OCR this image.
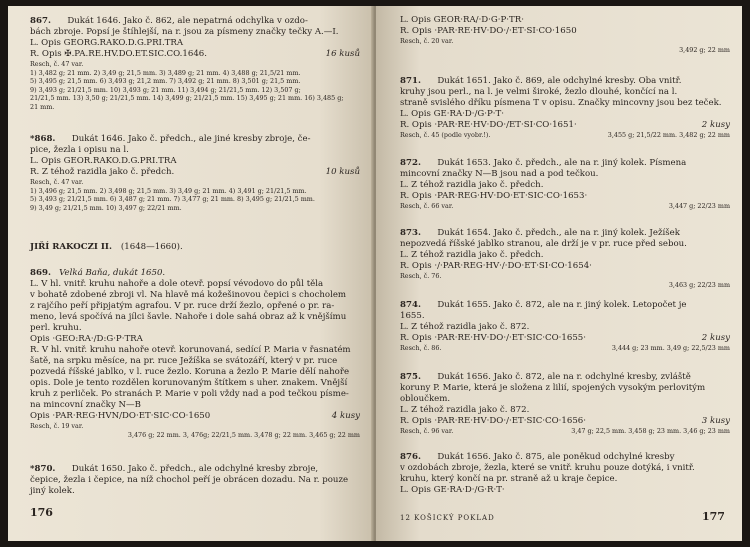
867. Dukát 1646. Jako č. 862, ale nepatrná odchylka v ozdo-
bách zbroje. Popsí je štíhlejší, na r. jsou za písmeny značky tečky A.—I.
L. Opis GEORG.RAKO.D.G.PRI.TRA
R. Opis ✠.PA.RE.HV.DO.ET.SIC.CO.1646.	16 kusů
Resch, č. 47 var.
1) 3,482 g; 21 mm. 2) 3,49 g; 21,5 mm. 3) 3,489 g; 21 mm. 4) 3,488 g; 21,5/21 mm.
5) 3,495 g; 21,5 mm. 6) 3,493 g; 21,2 mm. 7) 3,492 g; 21 mm. 8) 3,501 g; 21,5 mm.
9) 3,493 g; 21/21,5 mm. 10) 3,493 g; 21 mm. 11) 3,494 g; 21/21,5 mm. 12) 3,507 g;
21/21,5 mm. 13) 3,50 g; 21/21,5 mm. 14) 3,499 g; 21/21,5 mm. 15) 3,495 g; 21 mm. 16) 3,485 g;
21 mm.
*868. Dukát 1646. Jako č. předch., ale jiné kresby zbroje, če-
pice, žezla i opisu na l.
L. Opis GEOR.RAKO.D.G.PRI.TRA
R. Z téhož razidla jako č. předch.	10 kusů
Resch, č. 47 var.
1) 3,496 g; 21,5 mm. 2) 3,498 g; 21,5 mm. 3) 3,49 g; 21 mm. 4) 3,491 g; 21/21,5 mm.
5) 3,493 g; 21/21,5 mm. 6) 3,487 g; 21 mm. 7) 3,477 g; 21 mm. 8) 3,495 g; 21/21,5 mm.
9) 3,49 g; 21/21,5 mm. 10) 3,497 g; 22/21 mm.
JIŘÍ RAKOCZI II. (1648—1660).
869. Velká Baňa, dukát 1650.
L. V hl. vnitř. kruhu nahoře a dole otevř. popsí vévodovo do půl těla
v bohatě zdobené zbroji vl. Na hlavě má kožešinovou čepici s chocholem
z rajčího peří připjatým agrafou. V pr. ruce drží žezlo, opřené o pr. ra-
meno, levá spočívá na jílci šavle. Nahoře i dole sahá obraz až k vnějšímu
perl. kruhu.
Opis ·GEO:RA·/D:G·P·TRA
R. V hl. vnitř. kruhu nahoře otevř. korunovaná, sedící P. Maria v řasnatém
šatě, na srpku měsíce, na pr. ruce Ježíška se svátozáří, který v pr. ruce
pozvedá říšské jablko, v l. ruce žezlo. Koruna a žezlo P. Marie dělí nahoře
opis. Dole je tento rozdělen korunovaným štítkem s uher. znakem. Vnější
kruh z perliček. Po stranách P. Marie v poli vždy nad a pod tečkou písme-
na mincovní značky N—B
Opis ·PAR·REG·HVN/DO·ET·SIC·CO·1650	4 kusy
Resch, č. 19 var.
3,476 g; 22 mm. 3, 476g; 22/21,5 mm. 3,478 g; 22 mm. 3,465 g; 22 mm
*870. Dukát 1650. Jako č. předch., ale odchylné kresby zbroje,
čepice, žezla i čepice, na níž chochol peří je obrácen dozadu. Na r. pouze
jiný kolek.
176
L. Opis GEOR·RA/·D·G·P·TR·
R. Opis ·PAR·RE·HV·DO·/·ET·SI·CO·1650
Resch, č. 20 var.
3,492 g; 22 mm
871. Dukát 1651. Jako č. 869, ale odchylné kresby. Oba vnitř.
kruhy jsou perl., na l. je velmi široké, žezlo dlouhé, končící na l.
straně svislého dříku písmena T v opisu. Značky mincovny jsou bez teček.
L. Opis GE·RA·D·/G·P·T·
R. Opis ·PAR·RE·HV·DO·/ET·SI·CO·1651·	2 kusy
Resch, č. 45 (podle vyobr.!).	3,455 g; 21,5/22 mm. 3,482 g; 22 mm
872. Dukát 1653. Jako č. předch., ale na r. jiný kolek. Písmena
mincovní značky N—B jsou nad a pod tečkou.
L. Z téhož razidla jako č. předch.
R. Opis ·PAR·REG·HV·DO·ET·SIC·CO·1653·
Resch, č. 66 var.	3,447 g; 22/23 mm
873. Dukát 1654. Jako č. předch., ale na r. jiný kolek. Ježíšek
nepozvedá říšské jablko stranou, ale drží je v pr. ruce před sebou.
L. Z téhož razidla jako č. předch.
R. Opis ·/·PAR·REG·HV·/·DO·ET·SI·CO·1654·
Resch, č. 76.
3,463 g; 22/23 mm
874. Dukát 1655. Jako č. 872, ale na r. jiný kolek. Letopočet je
1655.
L. Z téhož razidla jako č. 872.
R. Opis ·PAR·RE·HV·DO·/·ET·SIC·CO·1655·	2 kusy
Resch, č. 86.	3,444 g; 23 mm. 3,49 g; 22,5/23 mm
875. Dukát 1656. Jako č. 872, ale na r. odchylné kresby, zvláště
koruny P. Marie, která je složena z lilií, spojených vysokým perlovitým
obloučkem.
L. Z téhož razidla jako č. 872.
R. Opis ·PAR·RE·HV·DO·/·ET·SIC·CO·1656·	3 kusy
Resch, č. 96 var.	3,47 g; 22,5 mm. 3,458 g; 23 mm. 3,46 g; 23 mm
876. Dukát 1656. Jako č. 875, ale poněkud odchylné kresby
v ozdobách zbroje, žezla, které se vnitř. kruhu pouze dotýká, i vnitř.
kruhu, který končí na pr. straně až u kraje čepice.
L. Opis GE·RA·D·/G·R·T·
12 KOŠICKÝ POKLAD	177
